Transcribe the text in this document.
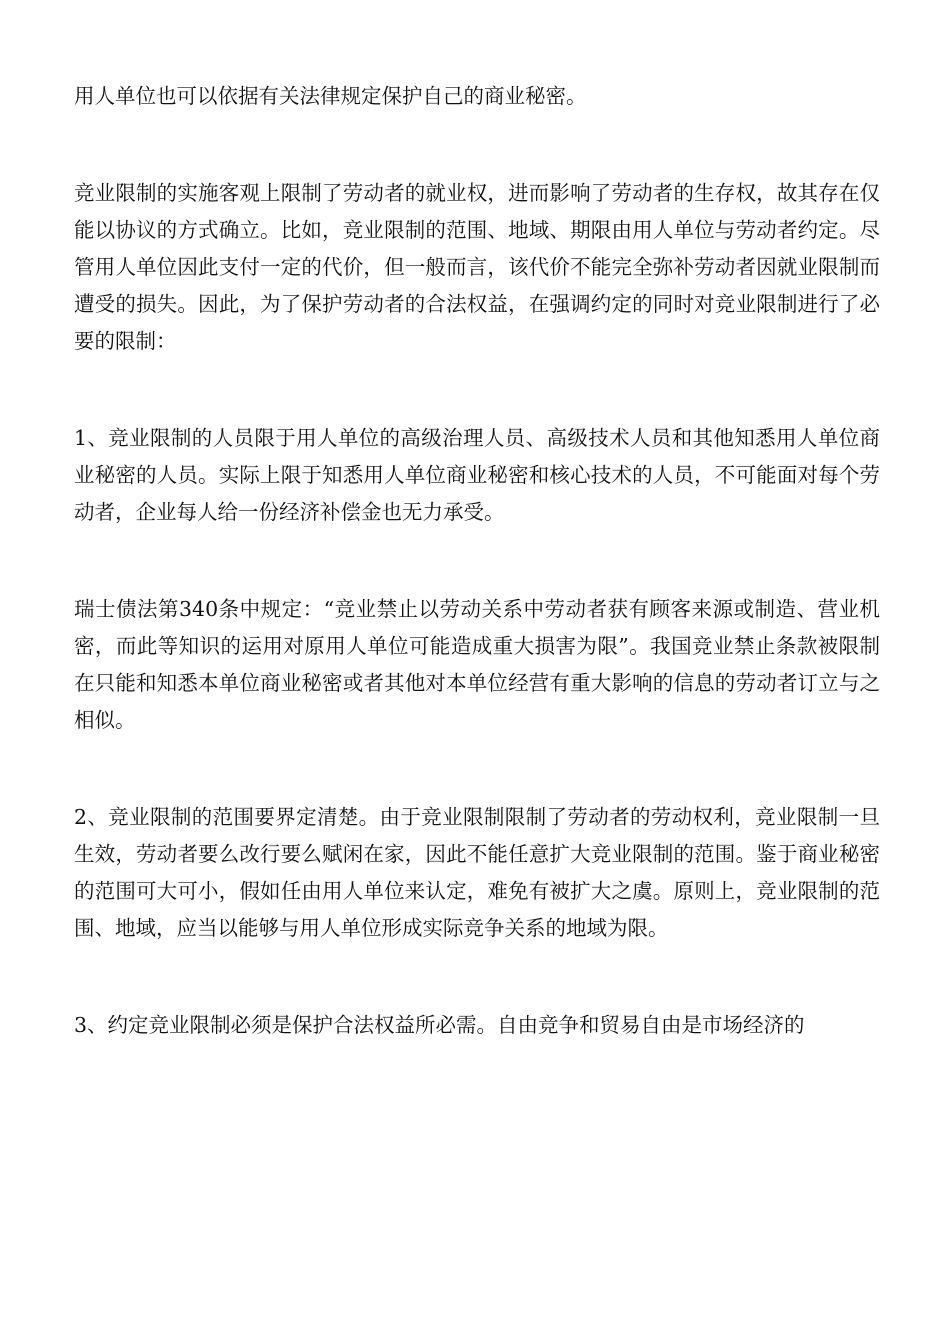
用人单位也可以依据有关法律规定保护自己的商业秘密。

竞业限制的实施客观上限制了劳动者的就业权，进而影响了劳动者的生存权，故其存在仅能以协议的方式确立。比如，竞业限制的范围、地域、期限由用人单位与劳动者约定。尽管用人单位因此支付一定的代价，但一般而言，该代价不能完全弥补劳动者因就业限制而遭受的损失。因此，为了保护劳动者的合法权益，在强调约定的同时对竞业限制进行了必要的限制：

1、竞业限制的人员限于用人单位的高级治理人员、高级技术人员和其他知悉用人单位商业秘密的人员。实际上限于知悉用人单位商业秘密和核心技术的人员，不可能面对每个劳动者，企业每人给一份经济补偿金也无力承受。

瑞士债法第340条中规定：“竞业禁止以劳动关系中劳动者获有顾客来源或制造、营业机密，而此等知识的运用对原用人单位可能造成重大损害为限”。我国竞业禁止条款被限制在只能和知悉本单位商业秘密或者其他对本单位经营有重大影响的信息的劳动者订立与之相似。

2、竞业限制的范围要界定清楚。由于竞业限制限制了劳动者的劳动权利，竞业限制一旦生效，劳动者要么改行要么赋闲在家，因此不能任意扩大竞业限制的范围。鉴于商业秘密的范围可大可小，假如任由用人单位来认定，难免有被扩大之虞。原则上，竞业限制的范围、地域，应当以能够与用人单位形成实际竞争关系的地域为限。

3、约定竞业限制必须是保护合法权益所必需。自由竞争和贸易自由是市场经济的
